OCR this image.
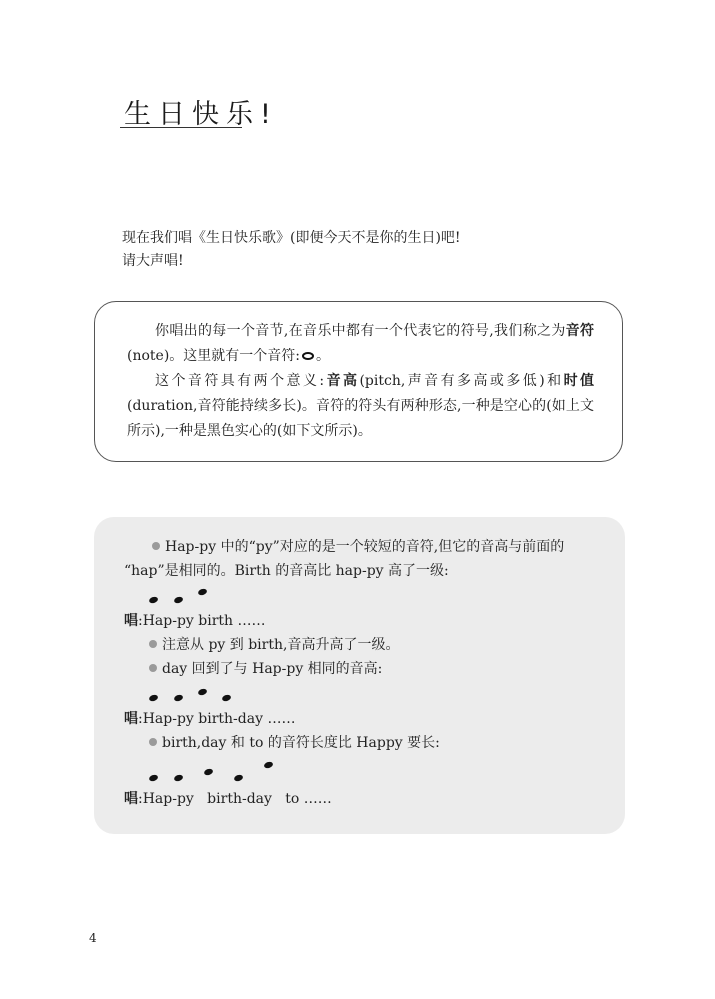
生日快乐!

现在我们唱《生日快乐歌》(即便今天不是你的生日)吧!

请大声唱!

你唱出的每一个音节,在音乐中都有一个代表它的符号,我们称之为音符(note)。这里就有一个音符: 。

这个音符具有两个意义:音高(pitch,声音有多高或多低)和时值(duration,音符能持续多长)。音符的符头有两种形态,一种是空心的(如上文所示),一种是黑色实心的(如下文所示)。

Hap-py 中的“py”对应的是一个较短的音符,但它的音高与前面的

“hap”是相同的。Birth 的音高比 hap-py 高了一级:

唱:Hap-py birth ……

注意从 py 到 birth,音高升高了一级。

day 回到了与 Hap-py 相同的音高:

唱:Hap-py birth-day ……

birth,day 和 to 的音符长度比 Happy 要长:

唱:Hap-py   birth-day   to ……

4
